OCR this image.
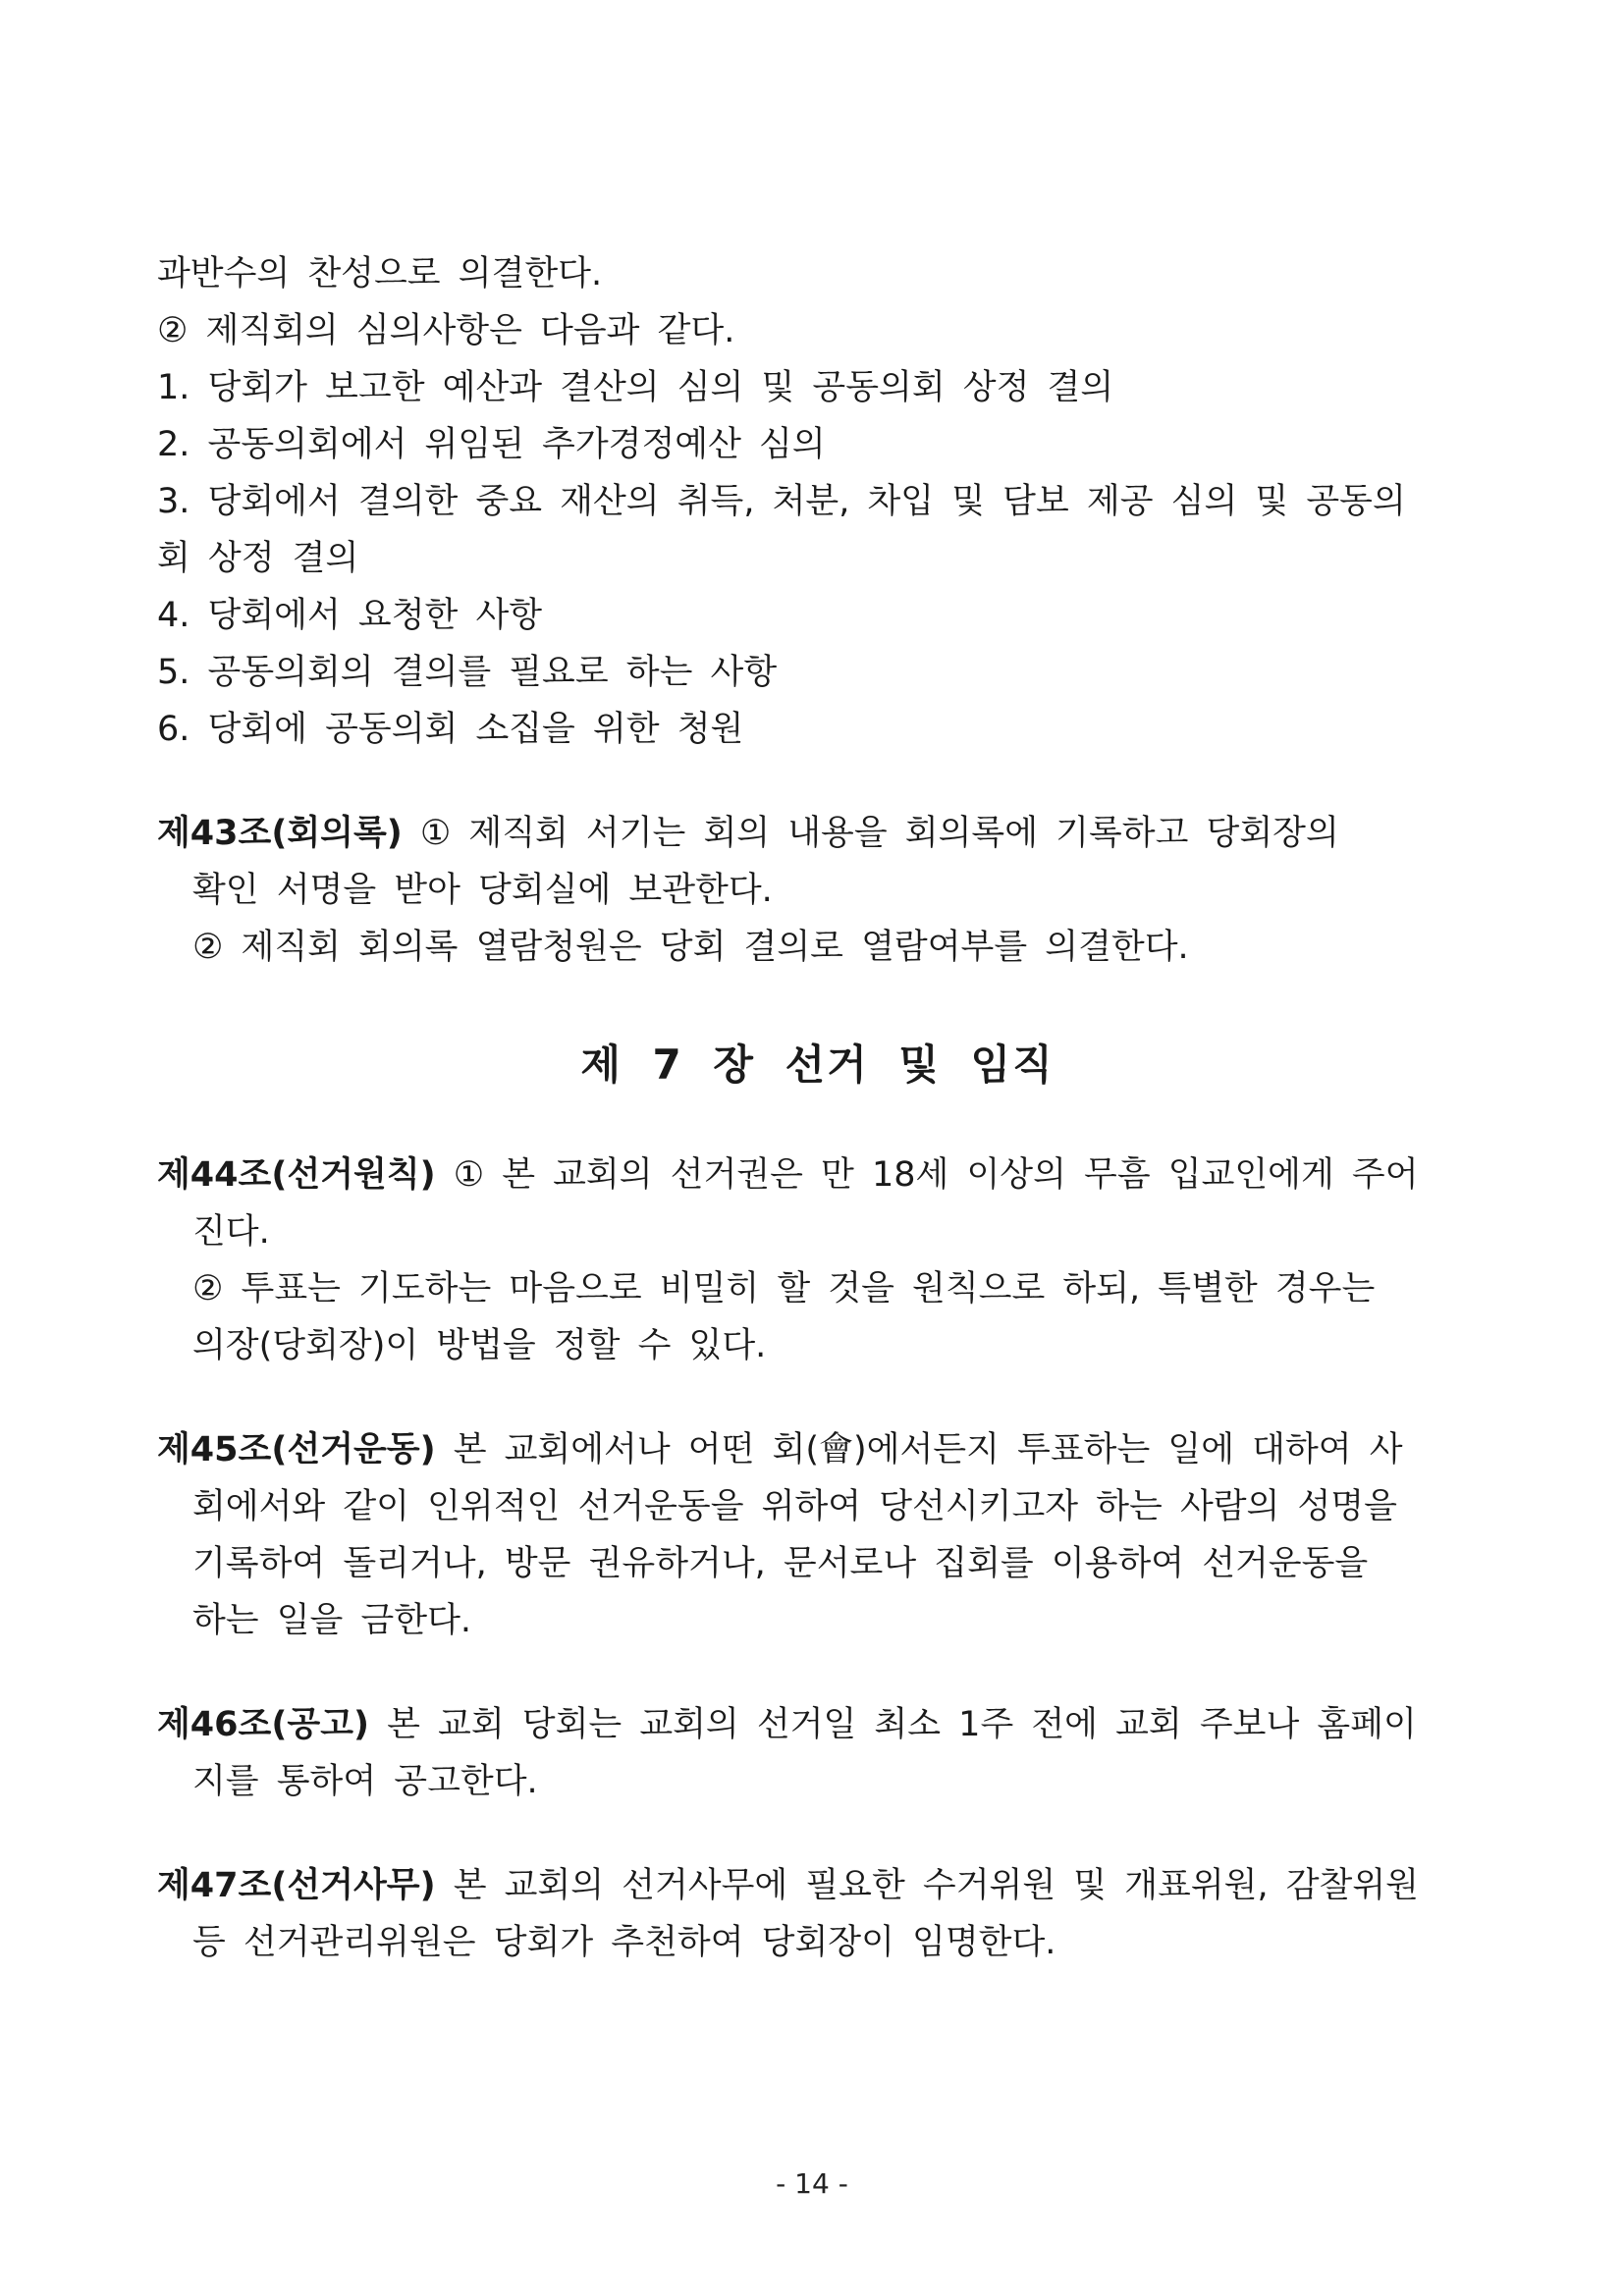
과반수의 찬성으로 의결한다.
② 제직회의 심의사항은 다음과 같다.
1. 당회가 보고한 예산과 결산의 심의 및 공동의회 상정 결의
2. 공동의회에서 위임된 추가경정예산 심의
3. 당회에서 결의한 중요 재산의 취득, 처분, 차입 및 담보 제공 심의 및 공동의
회 상정 결의
4. 당회에서 요청한 사항
5. 공동의회의 결의를 필요로 하는 사항
6. 당회에 공동의회 소집을 위한 청원
제43조(회의록) ① 제직회 서기는 회의 내용을 회의록에 기록하고 당회장의
확인 서명을 받아 당회실에 보관한다.
② 제직회 회의록 열람청원은 당회 결의로 열람여부를 의결한다.
제 7 장 선거 및 임직
제44조(선거원칙) ① 본 교회의 선거권은 만 18세 이상의 무흠 입교인에게 주어
진다.
② 투표는 기도하는 마음으로 비밀히 할 것을 원칙으로 하되, 특별한 경우는
의장(당회장)이 방법을 정할 수 있다.
제45조(선거운동) 본 교회에서나 어떤 회(會)에서든지 투표하는 일에 대하여 사
회에서와 같이 인위적인 선거운동을 위하여 당선시키고자 하는 사람의 성명을
기록하여 돌리거나, 방문 권유하거나, 문서로나 집회를 이용하여 선거운동을
하는 일을 금한다.
제46조(공고) 본 교회 당회는 교회의 선거일 최소 1주 전에 교회 주보나 홈페이
지를 통하여 공고한다.
제47조(선거사무) 본 교회의 선거사무에 필요한 수거위원 및 개표위원, 감찰위원
등 선거관리위원은 당회가 추천하여 당회장이 임명한다.
- 14 -
